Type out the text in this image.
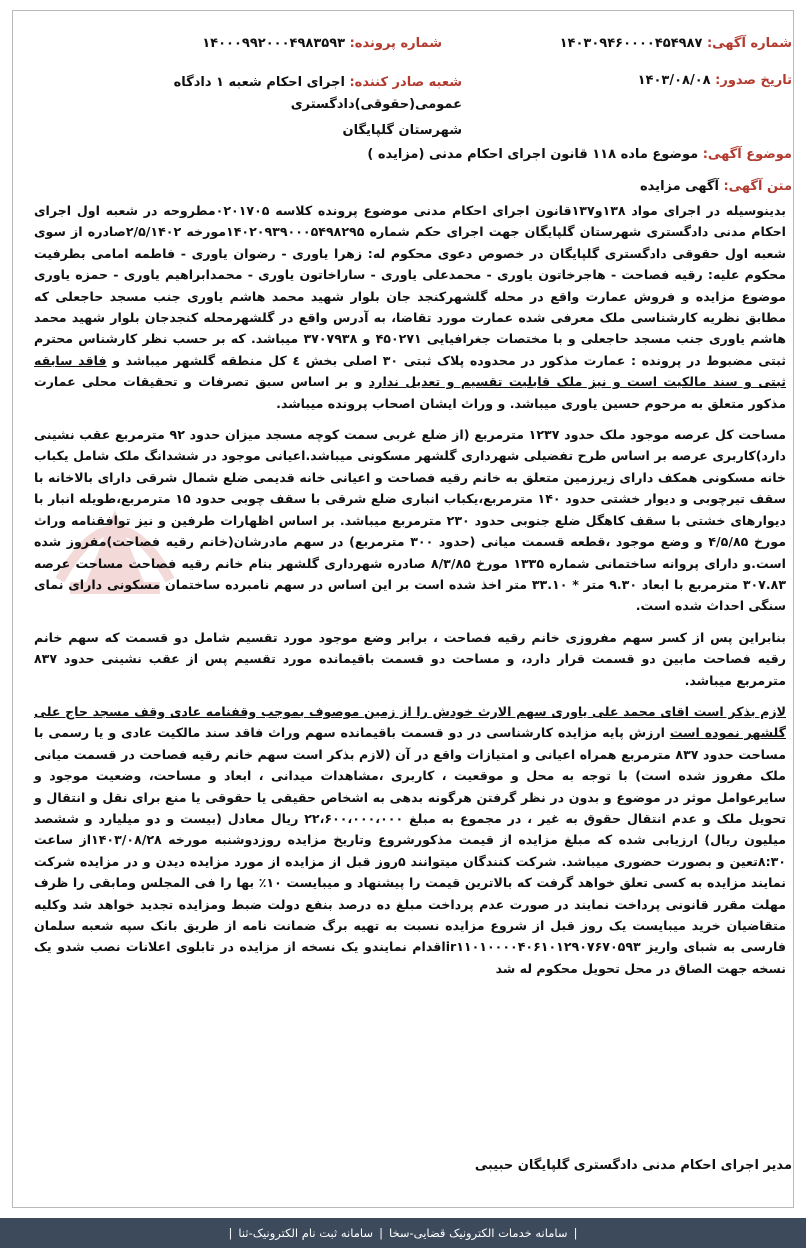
شماره آگهی: ۱۴۰۳۰۹۴۶۰۰۰۰۴۵۴۹۸۷
تاریخ صدور: ۱۴۰۳/۰۸/۰۸
شماره پرونده: ۱۴۰۰۰۹۹۲۰۰۰۴۹۸۳۵۹۳
شعبه صادر کننده: اجرای احکام شعبه ۱ دادگاه عمومی(حقوقی)دادگستری
شهرستان گلپایگان
موضوع آگهی: موضوع ماده ۱۱۸ قانون اجرای احکام مدنی (مزایده )
متن آگهی: آگهی مزایده

بدینوسیله در اجرای مواد ۱۳۸و۱۳۷قانون اجرای احکام مدنی موضوع پرونده کلاسه ۰۲۰۱۷۰۵مطروحه در شعبه اول اجرای احکام مدنی دادگستری شهرستان گلپایگان جهت اجرای حکم شماره ۱۴۰۲۰۹۳۹۰۰۰۵۴۹۸۲۹۵مورخه ۲/۵/۱۴۰۲صادره از سوی شعبه اول حقوقی دادگستری گلپایگان در خصوص دعوی محکوم له: زهرا یاوری - رضوان یاوری - فاطمه امامی بطرفیت محکوم علیه: رقیه فصاحت - هاجرخاتون یاوری - محمدعلی یاوری - ساراخاتون یاوری - محمدابراهیم یاوری - حمزه یاوری موضوع مزایده و فروش عمارت واقع در محله گلشهرکنجد جان بلوار شهید محمد هاشم یاوری جنب مسجد حاجعلی که مطابق نظریه کارشناسی ملک معرفی شده عمارت مورد تقاضا، به آدرس واقع در گلشهرمحله کنجدجان بلوار شهید محمد هاشم یاوری جنب مسجد حاجعلی و با مختصات جغرافیایی ۴۵۰۲۷۱ و ۳۷۰۷۹۳۸ میباشد. که بر حسب نظر کارشناس محترم ثبتی مضبوط در پرونده : عمارت مذکور در محدوده پلاک ثبتی ۳۰ اصلی بخش ٤ کل منطقه گلشهر میباشد و فاقد سابقه ثبتی و سند مالکیت است و نیز ملک قابلیت تقسیم و تعدیل ندارد و بر اساس سبق تصرفات و تحقیقات محلی عمارت مذکور متعلق به مرحوم حسین یاوری میباشد. و وراث ایشان اصحاب پرونده میباشد.

مساحت کل عرصه موجود ملک حدود ۱۲۳۷ مترمربع (از ضلع غربی سمت کوچه مسجد میزان حدود ۹۲ مترمربع عقب نشینی دارد)کاربری عرصه بر اساس طرح تفضیلی شهرداری گلشهر مسکونی میباشد.اعیانی موجود در ششدانگ ملک شامل یکباب خانه مسکونی همکف دارای زیرزمین متعلق به خانم رقیه فصاحت و اعیانی خانه قدیمی ضلع شمال شرقی دارای بالاخانه با سقف تیرچوبی و دیوار خشتی حدود ۱۴۰ مترمربع،یکباب انباری ضلع شرقی با سقف چوبی حدود ۱۵ مترمربع،طویله انبار با دیوارهای خشتی با سقف کاهگل ضلع جنوبی حدود ۲۳۰ مترمربع میباشد. بر اساس اظهارات طرفین و نیز توافقنامه وراث مورخ ۴/۵/۸۵ و وضع موجود ،قطعه قسمت میانی (حدود ۳۰۰ مترمربع) در سهم مادرشان(خانم رقیه فصاحت)مفروز شده است.و دارای پروانه ساختمانی شماره ۱۳۳۵ مورخ ۸/۳/۸۵ صادره شهرداری گلشهر بنام خانم رقیه فصاحت مساحت عرصه ۳۰۷.۸۳ مترمربع با ابعاد ۹.۳۰ متر * ۳۳.۱۰ متر اخذ شده است بر این اساس در سهم نامبرده ساختمان مسکونی دارای نمای سنگی احداث شده است.

بنابراین پس از کسر سهم مفروزی خانم رقیه فصاحت ، برابر وضع موجود مورد تقسیم شامل دو قسمت که سهم خانم رقیه فصاحت مابین دو قسمت قرار دارد، و مساحت دو قسمت باقیمانده مورد تقسیم پس از عقب نشینی حدود ۸۳۷ مترمربع میباشد.

لازم بذکر است اقای محمد علی یاوری سهم الارث خودش را از زمین موصوف بموجب وقفنامه عادی وقف مسجد حاج علی گلشهر نموده است ارزش پایه مزایده کارشناسی در دو قسمت باقیمانده سهم وراث فاقد سند مالکیت عادی و یا رسمی با مساحت حدود ۸۳۷ مترمربع همراه اعیانی و امتیازات واقع در آن (لازم بذکر است سهم خانم رقیه فصاحت در قسمت میانی ملک مفروز شده است) با توجه به محل و موقعیت ، کاربری ،مشاهدات میدانی ، ابعاد و مساحت، وضعیت موجود و سایرعوامل موثر در موضوع و بدون در نظر گرفتن هرگونه بدهی به اشخاص حقیقی یا حقوقی یا منع برای نقل و انتقال و تحویل ملک و عدم انتقال حقوق به غیر ، در مجموع به مبلغ ۲۲،۶۰۰،۰۰۰،۰۰۰ ریال معادل (بیست و دو میلیارد و ششصد میلیون ریال) ارزیابی شده که مبلغ مزایده از قیمت مذکورشروع وتاریخ مزایده روزدوشنبه مورخه ۱۴۰۳/۰۸/۲۸از ساعت ۸:۳۰تعین و بصورت حضوری میباشد. شرکت کنندگان میتوانند ۵روز قبل از مزایده از مورد مزایده دیدن و در مزایده شرکت نمایند مزایده به کسی تعلق خواهد گرفت که بالاترین قیمت را پیشنهاد و میبایست ۱۰٪ بها را فی المجلس ومابقی را ظرف مهلت مقرر قانونی پرداخت نمایند در صورت عدم پرداخت مبلغ ده درصد بنفع دولت ضبط ومزایده تجدید خواهد شد وکلیه متقاضیان خرید میبایست یک روز قبل از شروع مزایده نسبت به تهیه برگ ضمانت نامه از طریق بانک سپه شعبه سلمان فارسی به شبای واریز ir۱۱۰۱۰۰۰۰۴۰۶۱۰۱۲۹۰۷۶۷۰۵۹۳اقدام نمایندو یک نسخه از مزایده در تابلوی اعلانات نصب شدو یک نسخه جهت الصاق در محل تحویل محکوم له شد

مدیر اجرای احکام مدنی دادگستری گلپایگان حبیبی
|
سامانه خدمات الکترونیک قضایی-سخا
|
سامانه ثبت نام الکترونیک-ثنا
|
